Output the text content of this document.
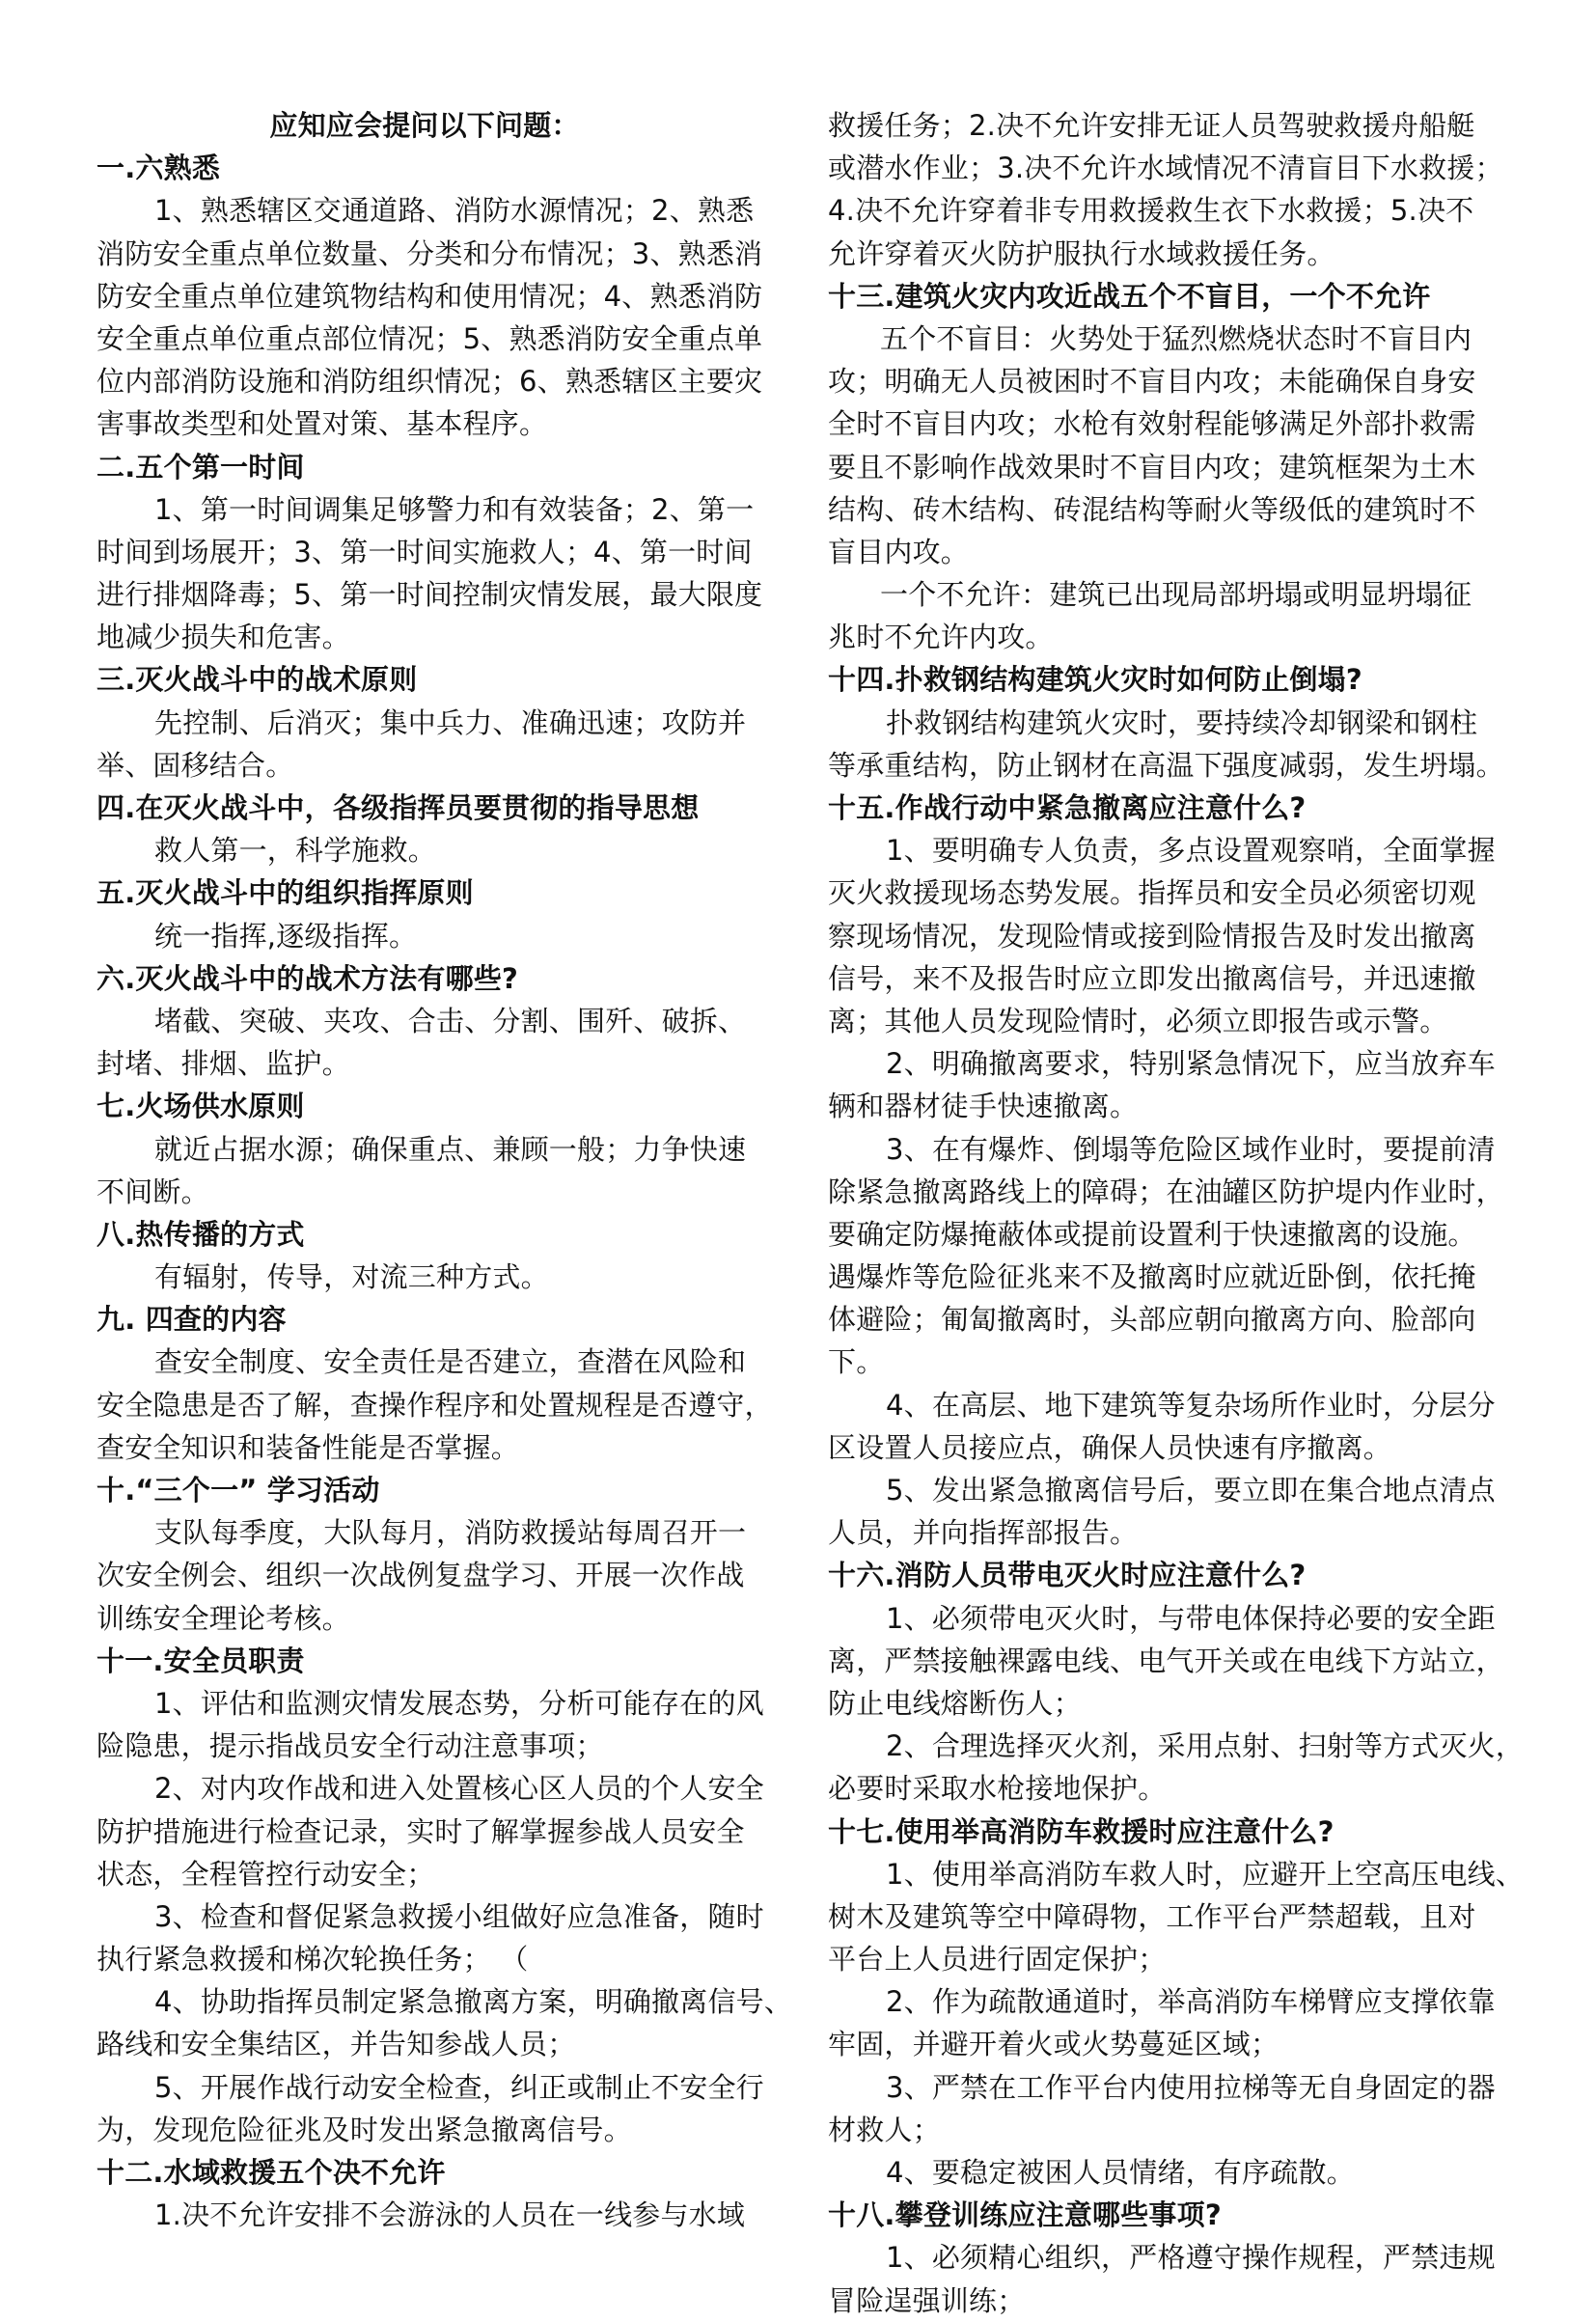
应知应会提问以下问题：
一.六熟悉
1、熟悉辖区交通道路、消防水源情况；2、熟悉
消防安全重点单位数量、分类和分布情况；3、熟悉消
防安全重点单位建筑物结构和使用情况；4、熟悉消防
安全重点单位重点部位情况；5、熟悉消防安全重点单
位内部消防设施和消防组织情况；6、熟悉辖区主要灾
害事故类型和处置对策、基本程序。
二.五个第一时间
1、第一时间调集足够警力和有效装备；2、第一
时间到场展开；3、第一时间实施救人；4、第一时间
进行排烟降毒；5、第一时间控制灾情发展，最大限度
地减少损失和危害。
三.灭火战斗中的战术原则
先控制、后消灭；集中兵力、准确迅速；攻防并
举、固移结合。
四.在灭火战斗中，各级指挥员要贯彻的指导思想
救人第一，科学施救。
五.灭火战斗中的组织指挥原则
统一指挥,逐级指挥。
六.灭火战斗中的战术方法有哪些?
堵截、突破、夹攻、合击、分割、围歼、破拆、
封堵、排烟、监护。
七.火场供水原则
就近占据水源；确保重点、兼顾一般；力争快速
不间断。
八.热传播的方式
有辐射，传导，对流三种方式。
九. 四查的内容
查安全制度、安全责任是否建立，查潜在风险和
安全隐患是否了解，查操作程序和处置规程是否遵守，
查安全知识和装备性能是否掌握。
十.“三个一” 学习活动
支队每季度，大队每月，消防救援站每周召开一
次安全例会、组织一次战例复盘学习、开展一次作战
训练安全理论考核。
十一.安全员职责
1、评估和监测灾情发展态势，分析可能存在的风
险隐患，提示指战员安全行动注意事项；
2、对内攻作战和进入处置核心区人员的个人安全
防护措施进行检查记录，实时了解掌握参战人员安全
状态，全程管控行动安全；
3、检查和督促紧急救援小组做好应急准备，随时
执行紧急救援和梯次轮换任务； （
4、协助指挥员制定紧急撤离方案，明确撤离信号、
路线和安全集结区，并告知参战人员；
5、开展作战行动安全检查，纠正或制止不安全行
为，发现危险征兆及时发出紧急撤离信号。
十二.水域救援五个决不允许
1.决不允许安排不会游泳的人员在一线参与水域
救援任务；2.决不允许安排无证人员驾驶救援舟船艇
或潜水作业；3.决不允许水域情况不清盲目下水救援；
4.决不允许穿着非专用救援救生衣下水救援；5.决不
允许穿着灭火防护服执行水域救援任务。
十三.建筑火灾内攻近战五个不盲目，一个不允许
五个不盲目：火势处于猛烈燃烧状态时不盲目内
攻；明确无人员被困时不盲目内攻；未能确保自身安
全时不盲目内攻；水枪有效射程能够满足外部扑救需
要且不影响作战效果时不盲目内攻；建筑框架为土木
结构、砖木结构、砖混结构等耐火等级低的建筑时不
盲目内攻。
一个不允许：建筑已出现局部坍塌或明显坍塌征
兆时不允许内攻。
十四.扑救钢结构建筑火灾时如何防止倒塌?
扑救钢结构建筑火灾时，要持续冷却钢梁和钢柱
等承重结构，防止钢材在高温下强度减弱，发生坍塌。
十五.作战行动中紧急撤离应注意什么?
1、要明确专人负责，多点设置观察哨，全面掌握
灭火救援现场态势发展。指挥员和安全员必须密切观
察现场情况，发现险情或接到险情报告及时发出撤离
信号，来不及报告时应立即发出撤离信号，并迅速撤
离；其他人员发现险情时，必须立即报告或示警。
2、明确撤离要求，特别紧急情况下，应当放弃车
辆和器材徒手快速撤离。
3、在有爆炸、倒塌等危险区域作业时，要提前清
除紧急撤离路线上的障碍；在油罐区防护堤内作业时，
要确定防爆掩蔽体或提前设置利于快速撤离的设施。
遇爆炸等危险征兆来不及撤离时应就近卧倒，依托掩
体避险；匍匐撤离时，头部应朝向撤离方向、脸部向
下。
4、在高层、地下建筑等复杂场所作业时，分层分
区设置人员接应点，确保人员快速有序撤离。
5、发出紧急撤离信号后，要立即在集合地点清点
人员，并向指挥部报告。
十六.消防人员带电灭火时应注意什么?
1、必须带电灭火时，与带电体保持必要的安全距
离，严禁接触裸露电线、电气开关或在电线下方站立，
防止电线熔断伤人；
2、合理选择灭火剂，采用点射、扫射等方式灭火，
必要时采取水枪接地保护。
十七.使用举高消防车救援时应注意什么?
1、使用举高消防车救人时，应避开上空高压电线、
树木及建筑等空中障碍物，工作平台严禁超载，且对
平台上人员进行固定保护；
2、作为疏散通道时，举高消防车梯臂应支撑依靠
牢固，并避开着火或火势蔓延区域；
3、严禁在工作平台内使用拉梯等无自身固定的器
材救人；
4、要稳定被困人员情绪，有序疏散。
十八.攀登训练应注意哪些事项?
1、必须精心组织，严格遵守操作规程，严禁违规
冒险逞强训练；
